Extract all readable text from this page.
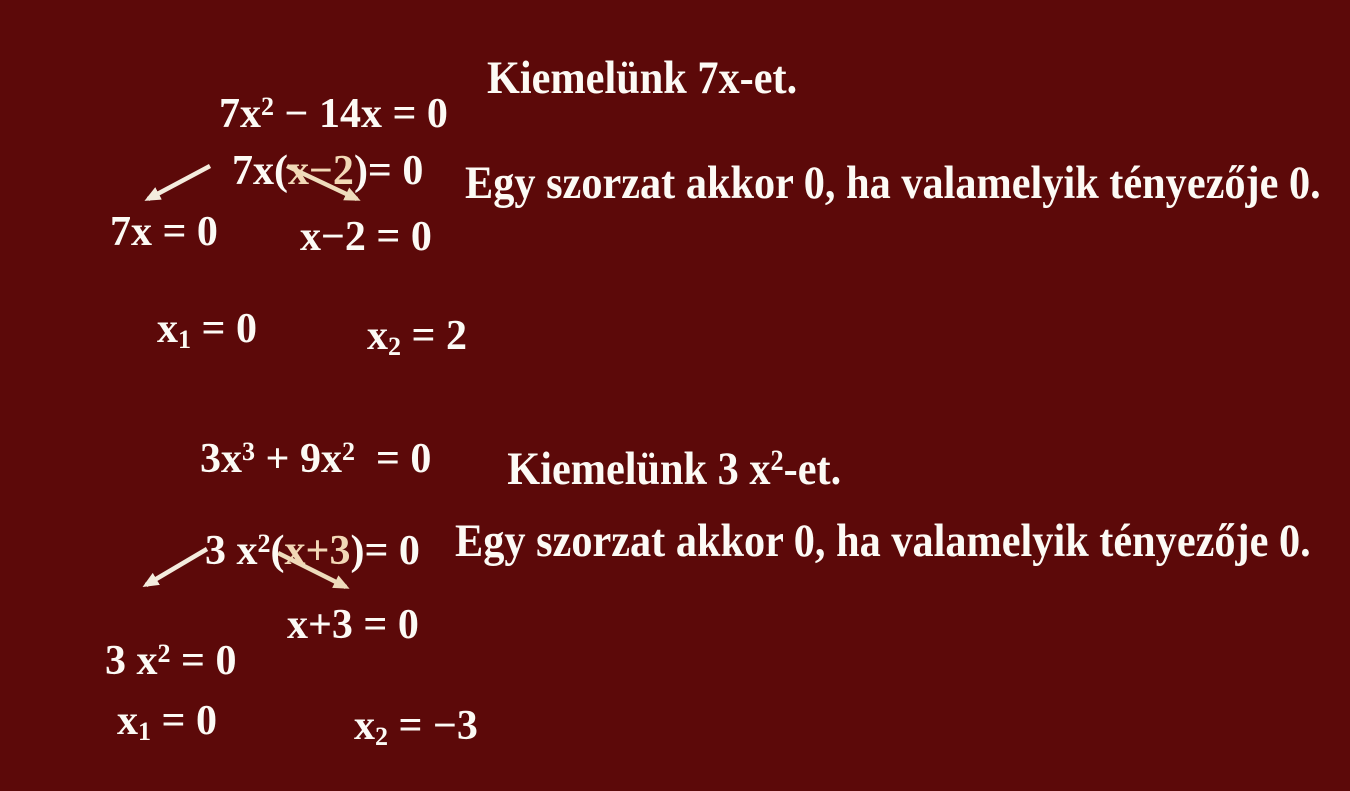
$7x^2 - 14x = 0$

Kiemelünk 7x-et.

7x(x−2)= 0
Egy szorzat akkor 0, ha valamelyik tényezője 0.
7x = 0 x−2 = 0

$x_1 = 0$
	$x_2 = 2$

$3x^3 + 9x^2 = 0$
	Kiemelünk 3 $x^2-et$.

3 $x^2(x+3)= 0$
Egy szorzat akkor 0, ha valamelyik tényezője 0.

3 $x^2 = 0$

x+3 = 0

$x_1 = 0$
	$x_2 = -3$
